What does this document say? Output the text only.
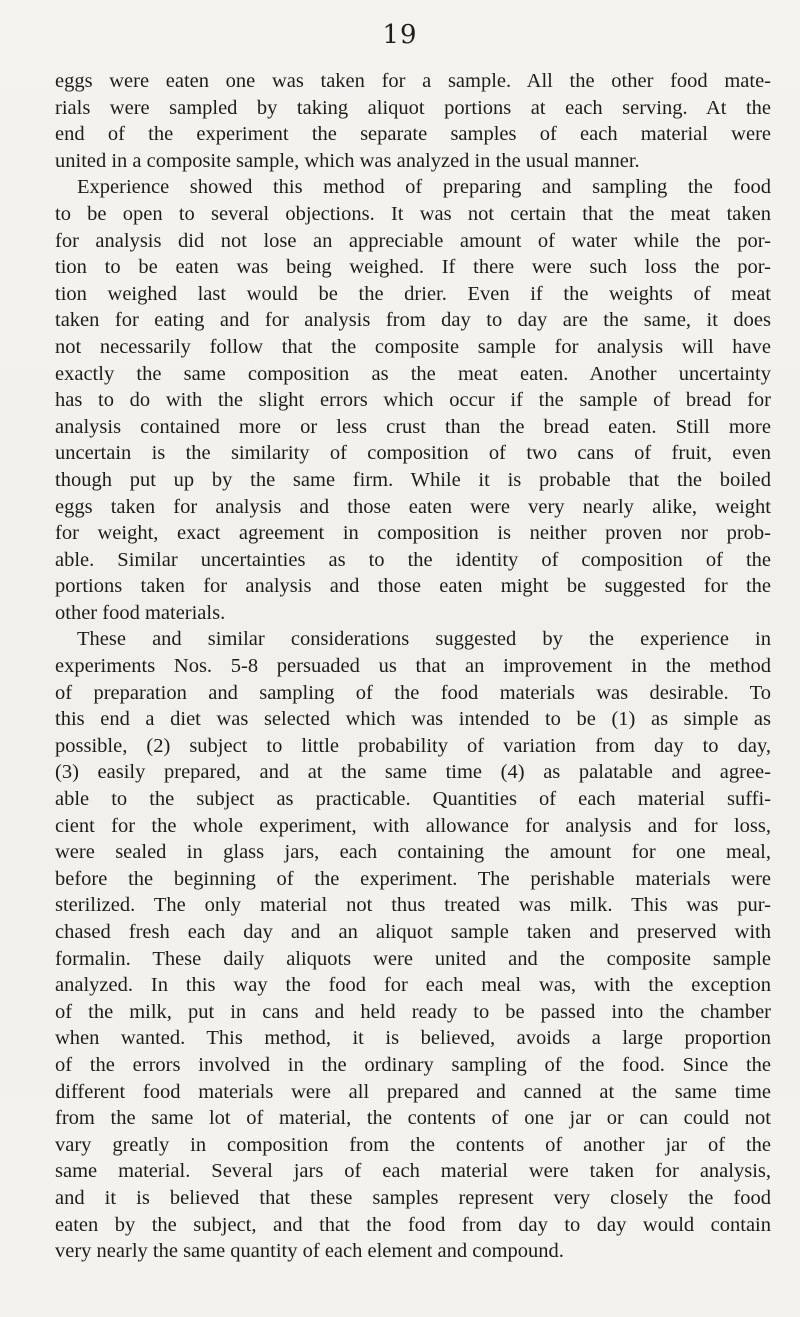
19
eggs were eaten one was taken for a sample. All the other food mate-
rials were sampled by taking aliquot portions at each serving. At the
end of the experiment the separate samples of each material were
united in a composite sample, which was analyzed in the usual manner.
Experience showed this method of preparing and sampling the food
to be open to several objections. It was not certain that the meat taken
for analysis did not lose an appreciable amount of water while the por-
tion to be eaten was being weighed. If there were such loss the por-
tion weighed last would be the drier. Even if the weights of meat
taken for eating and for analysis from day to day are the same, it does
not necessarily follow that the composite sample for analysis will have
exactly the same composition as the meat eaten. Another uncertainty
has to do with the slight errors which occur if the sample of bread for
analysis contained more or less crust than the bread eaten. Still more
uncertain is the similarity of composition of two cans of fruit, even
though put up by the same firm. While it is probable that the boiled
eggs taken for analysis and those eaten were very nearly alike, weight
for weight, exact agreement in composition is neither proven nor prob-
able. Similar uncertainties as to the identity of composition of the
portions taken for analysis and those eaten might be suggested for the
other food materials.
These and similar considerations suggested by the experience in
experiments Nos. 5-8 persuaded us that an improvement in the method
of preparation and sampling of the food materials was desirable. To
this end a diet was selected which was intended to be (1) as simple as
possible, (2) subject to little probability of variation from day to day,
(3) easily prepared, and at the same time (4) as palatable and agree-
able to the subject as practicable. Quantities of each material suffi-
cient for the whole experiment, with allowance for analysis and for loss,
were sealed in glass jars, each containing the amount for one meal,
before the beginning of the experiment. The perishable materials were
sterilized. The only material not thus treated was milk. This was pur-
chased fresh each day and an aliquot sample taken and preserved with
formalin. These daily aliquots were united and the composite sample
analyzed. In this way the food for each meal was, with the exception
of the milk, put in cans and held ready to be passed into the chamber
when wanted. This method, it is believed, avoids a large proportion
of the errors involved in the ordinary sampling of the food. Since the
different food materials were all prepared and canned at the same time
from the same lot of material, the contents of one jar or can could not
vary greatly in composition from the contents of another jar of the
same material. Several jars of each material were taken for analysis,
and it is believed that these samples represent very closely the food
eaten by the subject, and that the food from day to day would contain
very nearly the same quantity of each element and compound.
